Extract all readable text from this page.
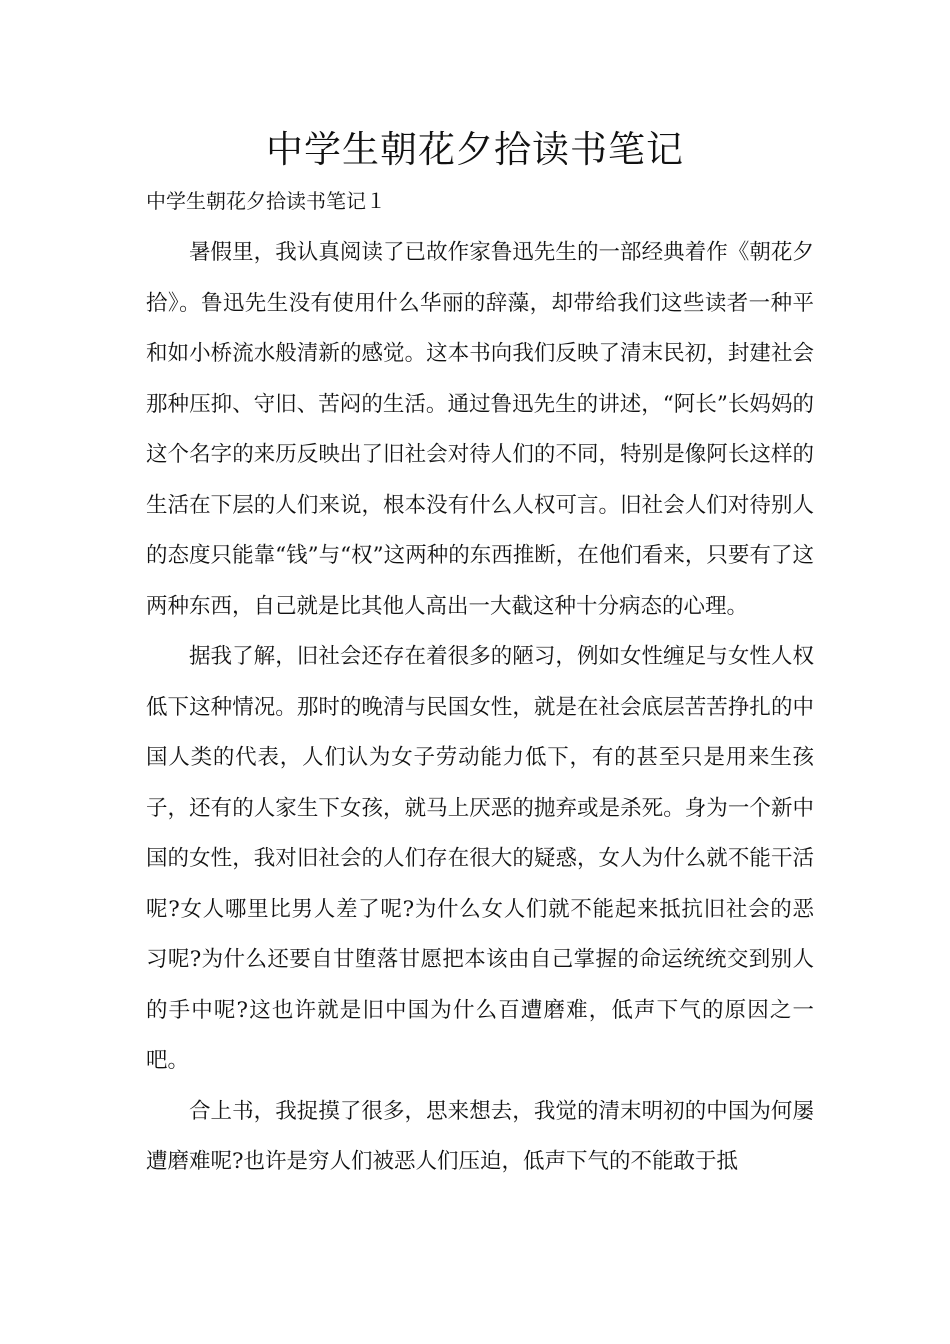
中学生朝花夕拾读书笔记

中学生朝花夕拾读书笔记１

暑假里，我认真阅读了已故作家鲁迅先生的一部经典着作《朝花夕拾》。鲁迅先生没有使用什么华丽的辞藻，却带给我们这些读者一种平和如小桥流水般清新的感觉。这本书向我们反映了清末民初，封建社会那种压抑、守旧、苦闷的生活。通过鲁迅先生的讲述，“阿长”长妈妈的这个名字的来历反映出了旧社会对待人们的不同，特别是像阿长这样的生活在下层的人们来说，根本没有什么人权可言。旧社会人们对待别人的态度只能靠“钱”与“权”这两种的东西推断，在他们看来，只要有了这两种东西，自己就是比其他人高出一大截这种十分病态的心理。

据我了解，旧社会还存在着很多的陋习，例如女性缠足与女性人权低下这种情况。那时的晚清与民国女性，就是在社会底层苦苦挣扎的中国人类的代表，人们认为女子劳动能力低下，有的甚至只是用来生孩子，还有的人家生下女孩，就马上厌恶的抛弃或是杀死。身为一个新中国的女性，我对旧社会的人们存在很大的疑惑，女人为什么就不能干活呢?女人哪里比男人差了呢?为什么女人们就不能起来抵抗旧社会的恶习呢?为什么还要自甘堕落甘愿把本该由自己掌握的命运统统交到别人的手中呢?这也许就是旧中国为什么百遭磨难，低声下气的原因之一吧。

合上书，我捉摸了很多，思来想去，我觉的清末明初的中国为何屡遭磨难呢?也许是穷人们被恶人们压迫，低声下气的不能敢于抵
